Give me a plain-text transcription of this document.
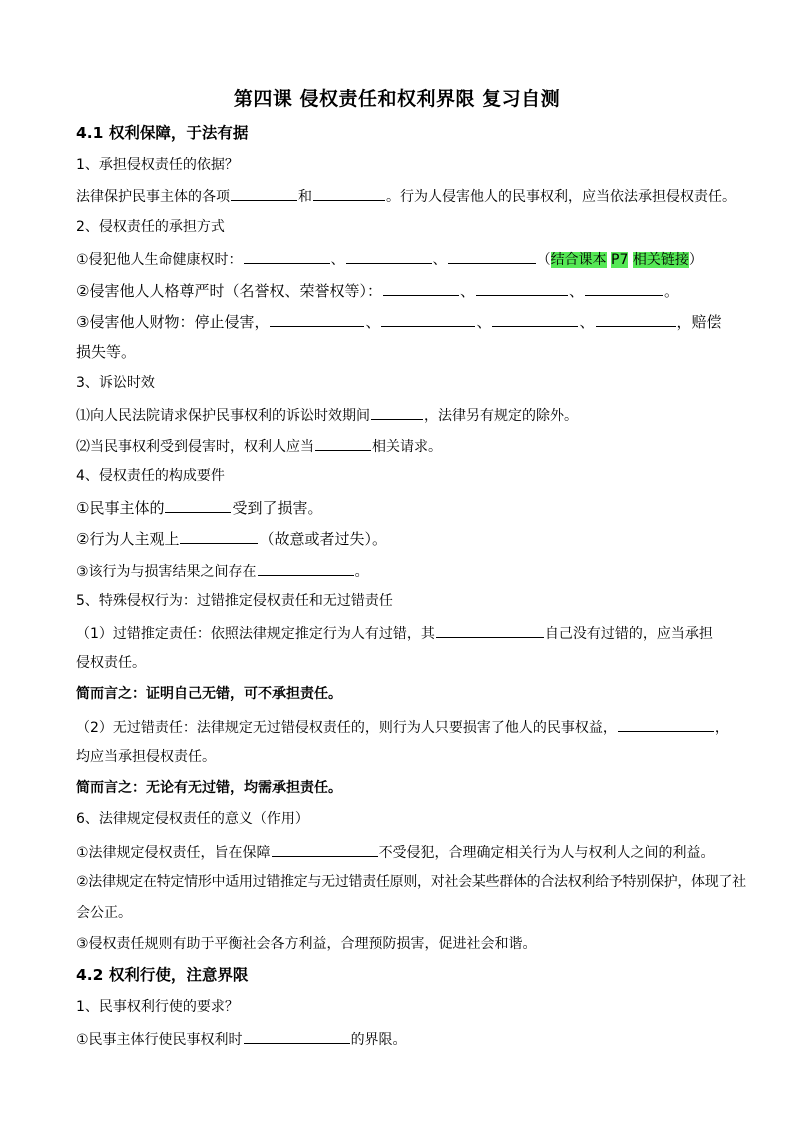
第四课 侵权责任和权利界限 复习自测
4.1 权利保障，于法有据
1、承担侵权责任的依据？
法律保护民事主体的各项	和	。行为人侵害他人的民事权利，应当依法承担侵权责任。
2、侵权责任的承担方式
①侵犯他人生命健康权时：	、	、	（结合课本 P7 相关链接）
②侵害他人人格尊严时（名誉权、荣誉权等）：	、	、	。
③侵害他人财物：停止侵害，	、	、	、	，赔偿
损失等。
3、诉讼时效
⑴向人民法院请求保护民事权利的诉讼时效期间	，法律另有规定的除外。
⑵当民事权利受到侵害时，权利人应当	相关请求。
4、侵权责任的构成要件
①民事主体的	受到了损害。
②行为人主观上	（故意或者过失）。
③该行为与损害结果之间存在	。
5、特殊侵权行为：过错推定侵权责任和无过错责任
（1）过错推定责任：依照法律规定推定行为人有过错，其	自己没有过错的，应当承担
侵权责任。
简而言之：证明自己无错，可不承担责任。
（2）无过错责任：法律规定无过错侵权责任的，则行为人只要损害了他人的民事权益，	，
均应当承担侵权责任。
简而言之：无论有无过错，均需承担责任。
6、法律规定侵权责任的意义（作用）
①法律规定侵权责任，旨在保障	不受侵犯，合理确定相关行为人与权利人之间的利益。
②法律规定在特定情形中适用过错推定与无过错责任原则，对社会某些群体的合法权利给予特别保护，体现了社
会公正。
③侵权责任规则有助于平衡社会各方利益，合理预防损害，促进社会和谐。
4.2 权利行使，注意界限
1、民事权利行使的要求？
①民事主体行使民事权利时	的界限。
